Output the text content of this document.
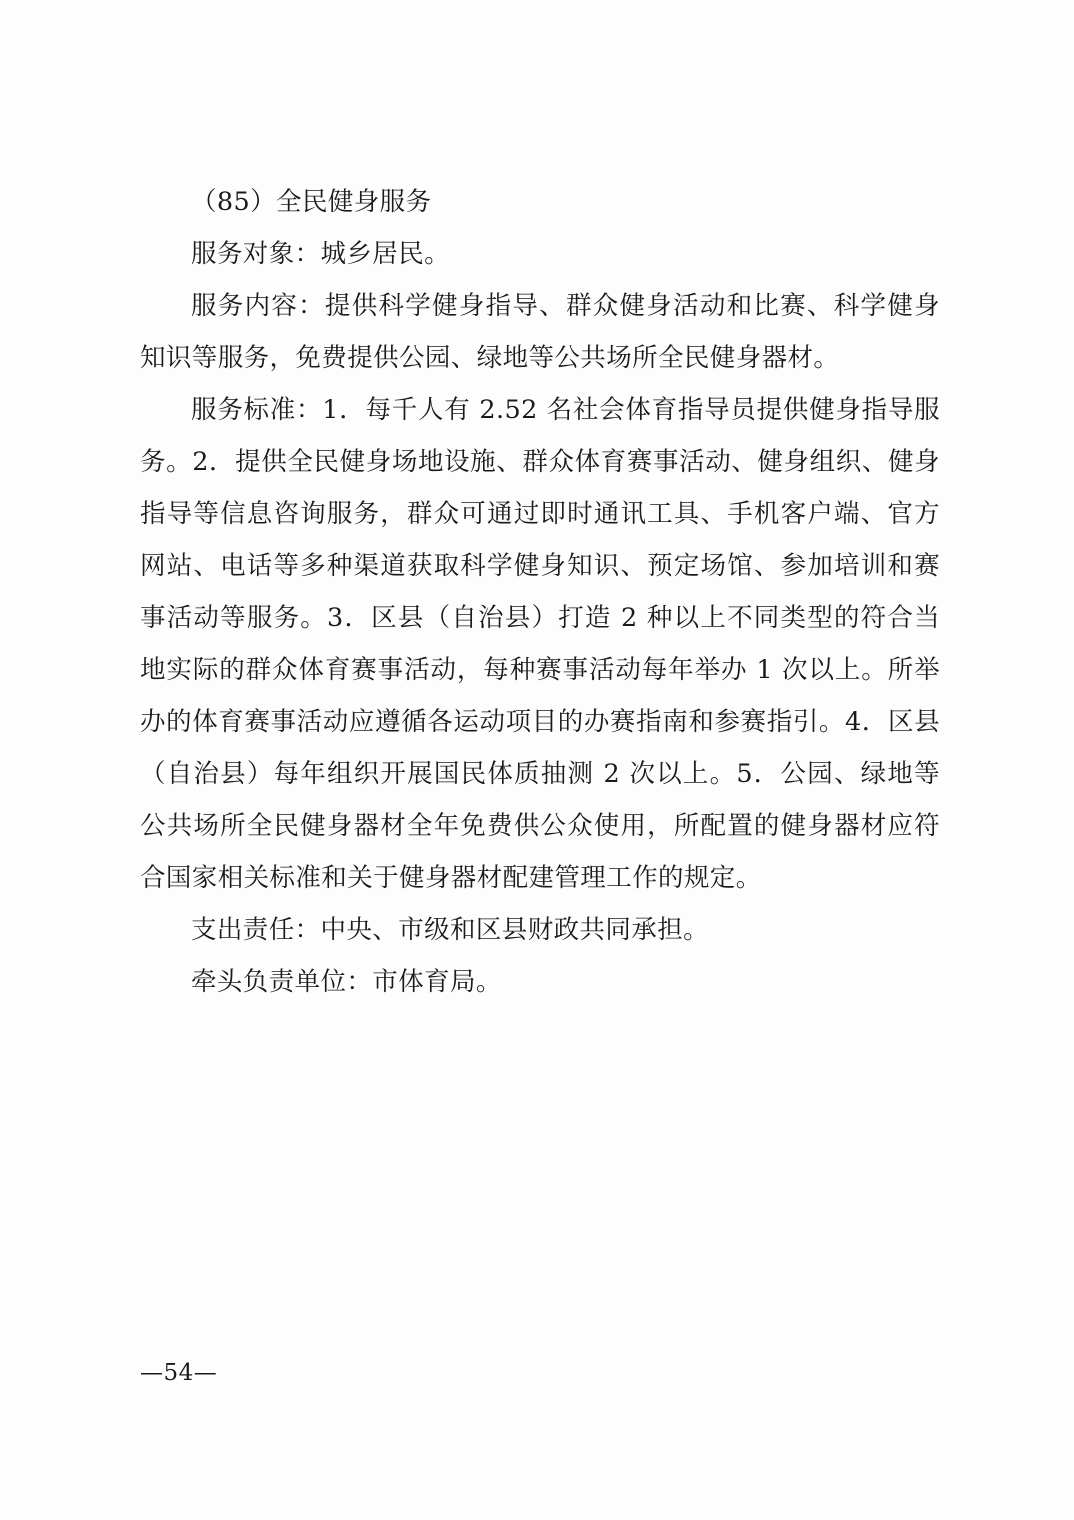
（85）全民健身服务

服务对象：城乡居民。

服务内容：提供科学健身指导、群众健身活动和比赛、科学健身知识等服务，免费提供公园、绿地等公共场所全民健身器材。

服务标准：1．每千人有 2.52 名社会体育指导员提供健身指导服务。2．提供全民健身场地设施、群众体育赛事活动、健身组织、健身指导等信息咨询服务，群众可通过即时通讯工具、手机客户端、官方网站、电话等多种渠道获取科学健身知识、预定场馆、参加培训和赛事活动等服务。3．区县（自治县）打造 2 种以上不同类型的符合当地实际的群众体育赛事活动，每种赛事活动每年举办 1 次以上。所举办的体育赛事活动应遵循各运动项目的办赛指南和参赛指引。4．区县（自治县）每年组织开展国民体质抽测 2 次以上。5．公园、绿地等公共场所全民健身器材全年免费供公众使用，所配置的健身器材应符合国家相关标准和关于健身器材配建管理工作的规定。

支出责任：中央、市级和区县财政共同承担。

牵头负责单位：市体育局。

—54—
